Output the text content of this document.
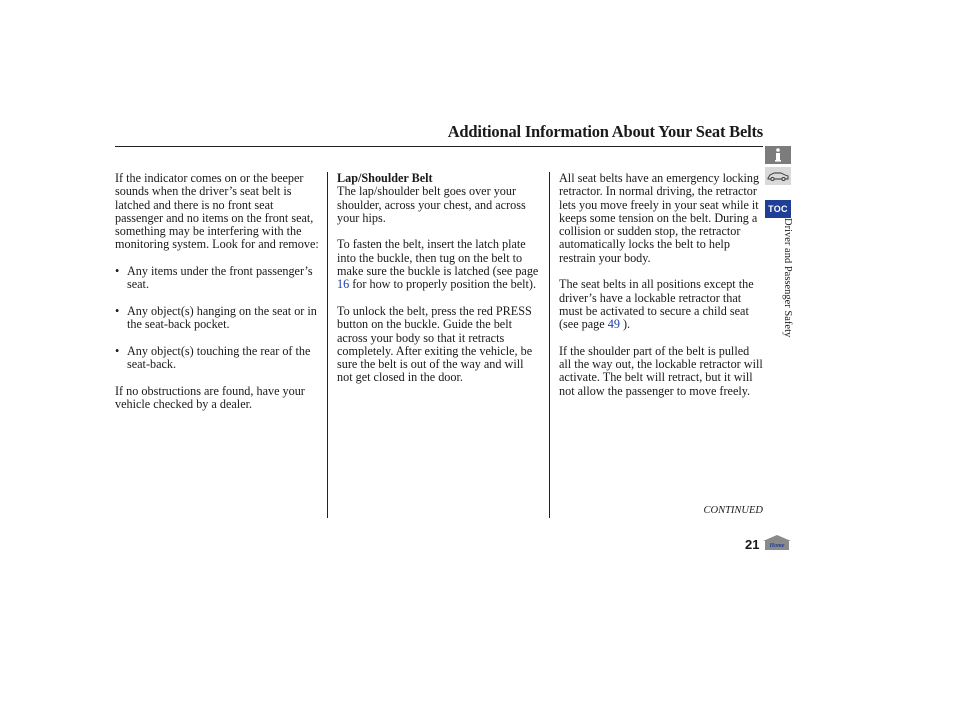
Additional Information About Your Seat Belts

If the indicator comes on or the beeper sounds when the driver’s seat belt is latched and there is no front seat passenger and no items on the front seat, something may be interfering with the monitoring system. Look for and remove:

• Any items under the front passenger’s seat.
• Any object(s) hanging on the seat or in the seat-back pocket.
• Any object(s) touching the rear of the seat-back.

If no obstructions are found, have your vehicle checked by a dealer.

Lap/Shoulder Belt

The lap/shoulder belt goes over your shoulder, across your chest, and across your hips.

To fasten the belt, insert the latch plate into the buckle, then tug on the belt to make sure the buckle is latched (see page 16 for how to properly position the belt).

To unlock the belt, press the red PRESS button on the buckle. Guide the belt across your body so that it retracts completely. After exiting the vehicle, be sure the belt is out of the way and will not get closed in the door.

All seat belts have an emergency locking retractor. In normal driving, the retractor lets you move freely in your seat while it keeps some tension on the belt. During a collision or sudden stop, the retractor automatically locks the belt to help restrain your body.

The seat belts in all positions except the driver’s have a lockable retractor that must be activated to secure a child seat (see page 49 ).

If the shoulder part of the belt is pulled all the way out, the lockable retractor will activate. The belt will retract, but it will not allow the passenger to move freely.

CONTINUED
21
TOC
Driver and Passenger Safety
Home
